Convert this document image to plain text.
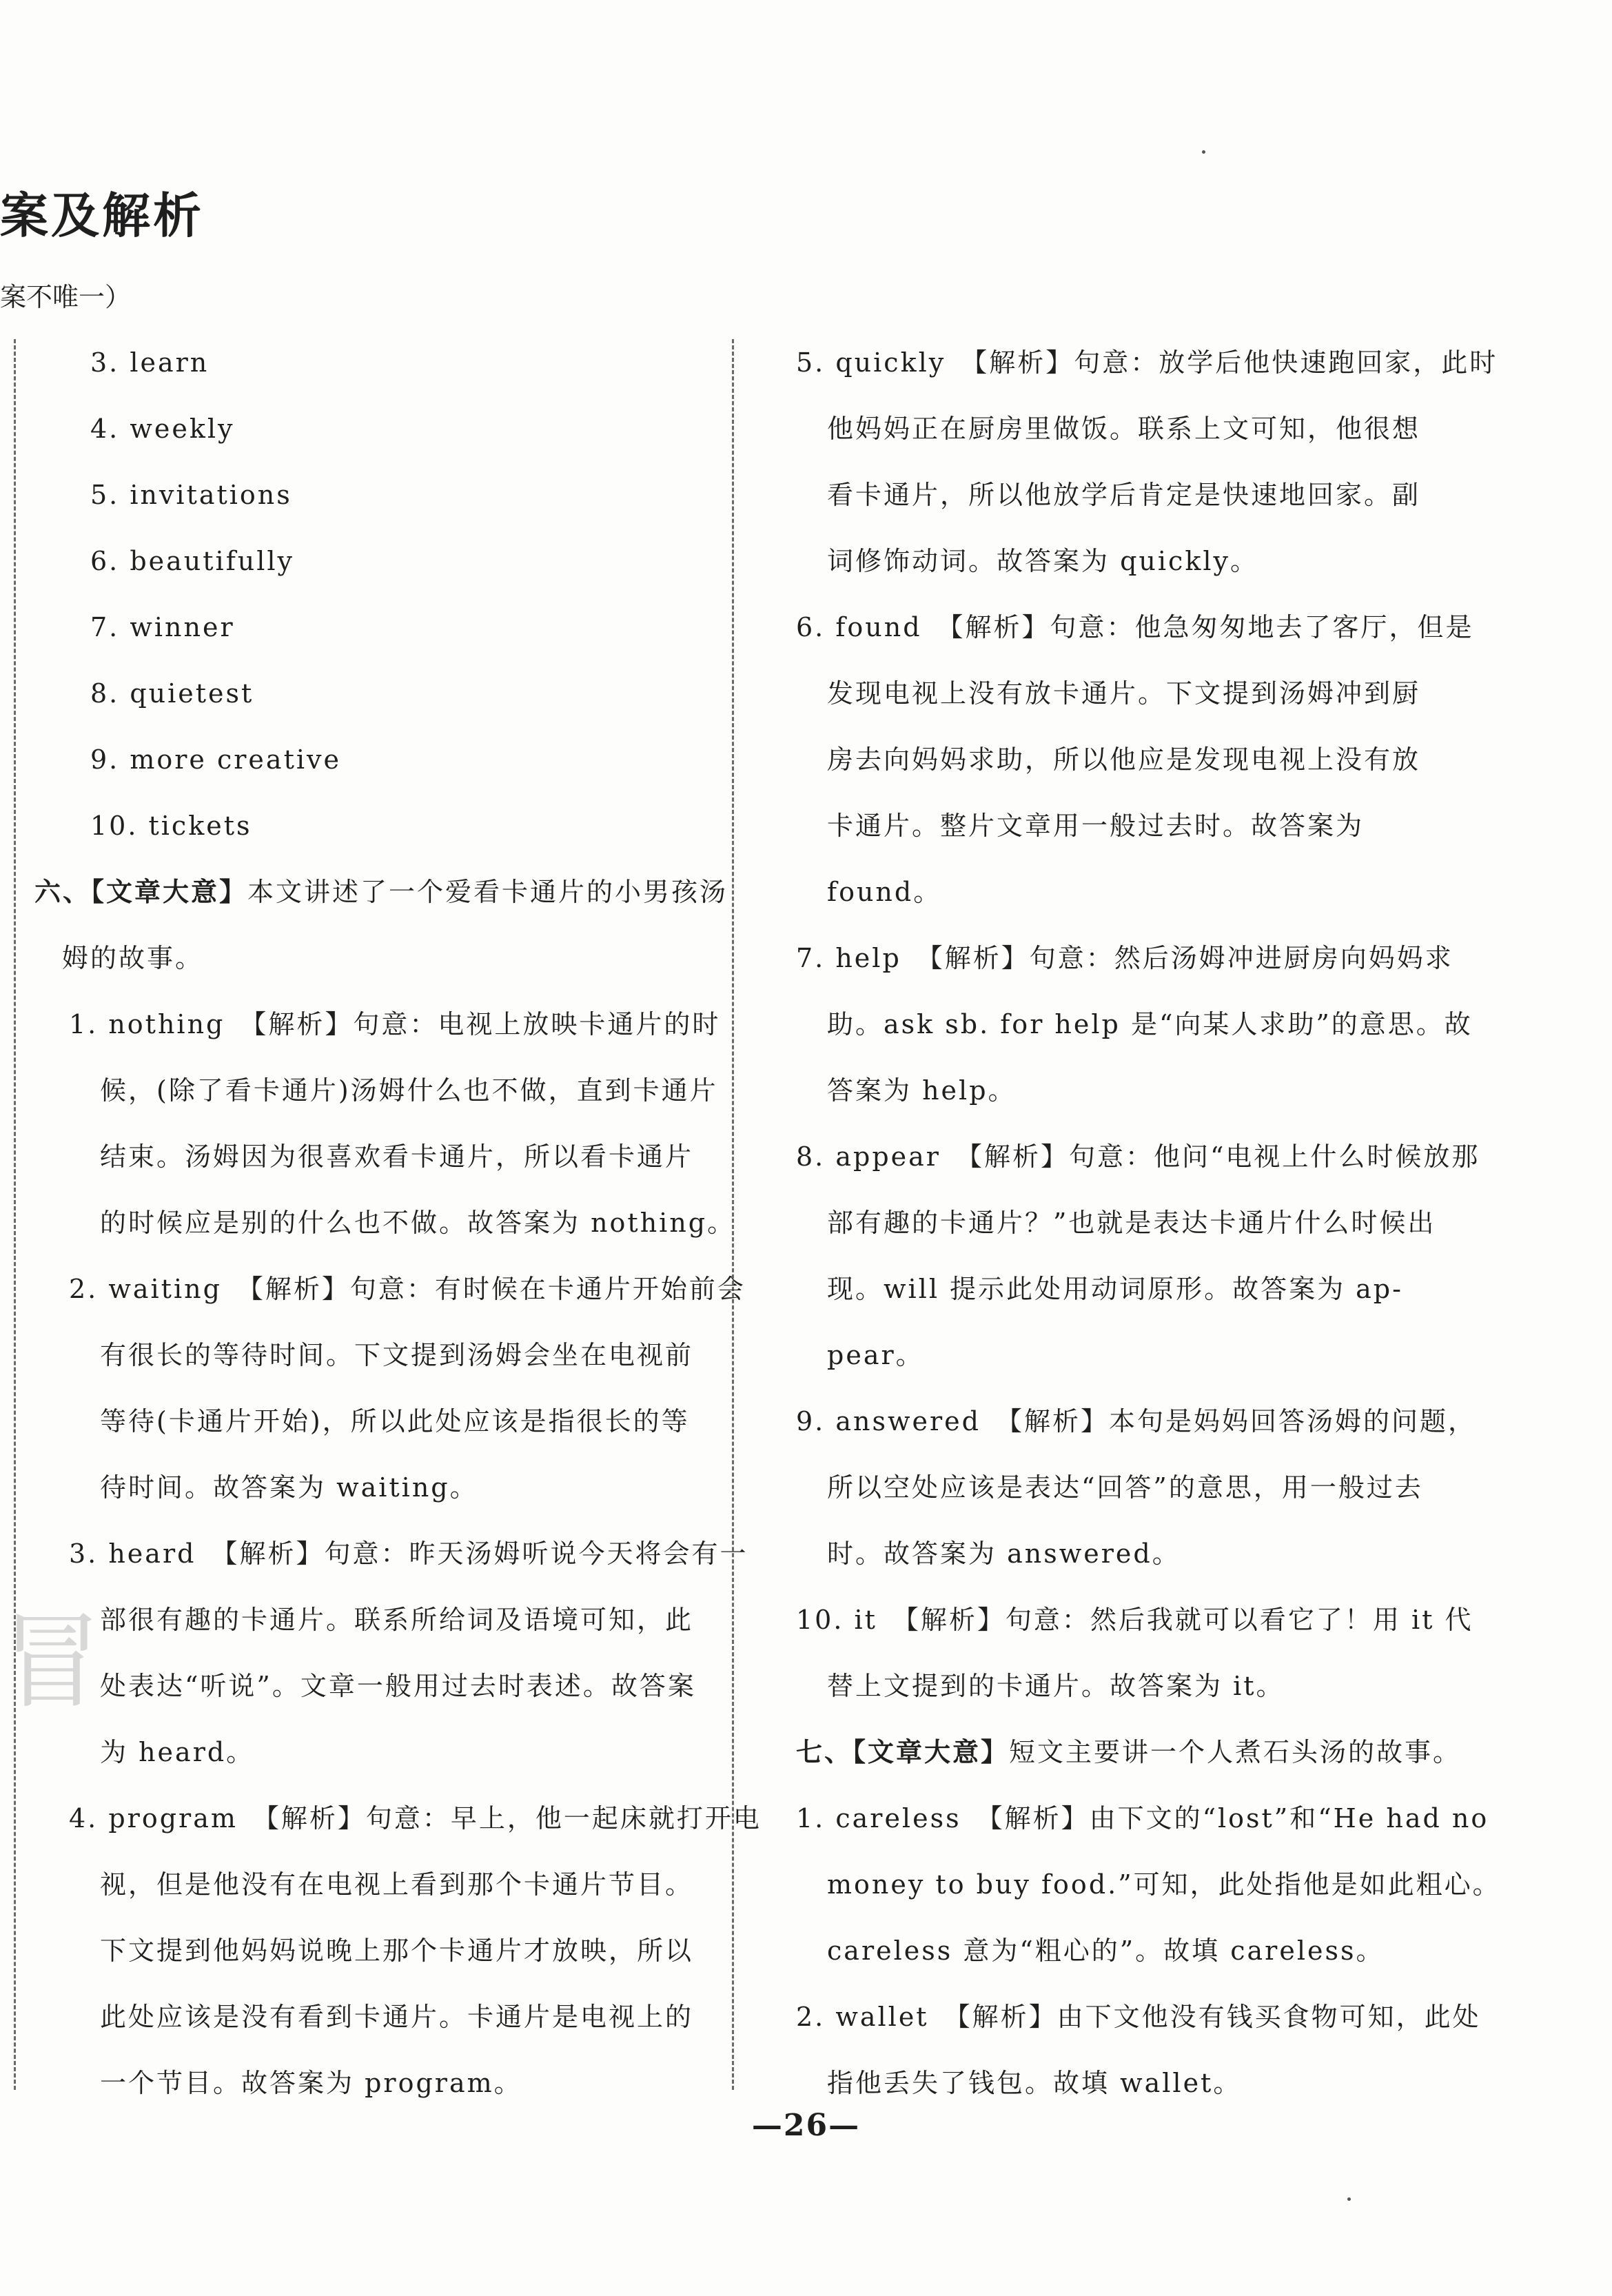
案及解析
案不唯一）
　3. learn
　4. weekly
　5. invitations
　6. beautifully
　7. winner
　8. quietest
　9. more creative
　10. tickets
六、【文章大意】本文讲述了一个爱看卡通片的小男孩汤
姆的故事。
1. nothing　【解析】句意：电视上放映卡通片的时
候，(除了看卡通片)汤姆什么也不做，直到卡通片
结束。汤姆因为很喜欢看卡通片，所以看卡通片
的时候应是别的什么也不做。故答案为 nothing。
2. waiting　【解析】句意：有时候在卡通片开始前会
有很长的等待时间。下文提到汤姆会坐在电视前
等待(卡通片开始)，所以此处应该是指很长的等
待时间。故答案为 waiting。
3. heard　【解析】句意：昨天汤姆听说今天将会有一
部很有趣的卡通片。联系所给词及语境可知，此
处表达“听说”。文章一般用过去时表述。故答案
为 heard。
4. program　【解析】句意：早上，他一起床就打开电
视，但是他没有在电视上看到那个卡通片节目。
下文提到他妈妈说晚上那个卡通片才放映，所以
此处应该是没有看到卡通片。卡通片是电视上的
一个节目。故答案为 program。
5. quickly　【解析】句意：放学后他快速跑回家，此时
他妈妈正在厨房里做饭。联系上文可知，他很想
看卡通片，所以他放学后肯定是快速地回家。副
词修饰动词。故答案为 quickly。
6. found　【解析】句意：他急匆匆地去了客厅，但是
发现电视上没有放卡通片。下文提到汤姆冲到厨
房去向妈妈求助，所以他应是发现电视上没有放
卡通片。整片文章用一般过去时。故答案为
found。
7. help　【解析】句意：然后汤姆冲进厨房向妈妈求
助。ask sb. for help 是“向某人求助”的意思。故
答案为 help。
8. appear　【解析】句意：他问“电视上什么时候放那
部有趣的卡通片？”也就是表达卡通片什么时候出
现。will 提示此处用动词原形。故答案为 ap-
pear。
9. answered　【解析】本句是妈妈回答汤姆的问题，
所以空处应该是表达“回答”的意思，用一般过去
时。故答案为 answered。
10. it　【解析】句意：然后我就可以看它了！用 it 代
替上文提到的卡通片。故答案为 it。
七、【文章大意】短文主要讲一个人煮石头汤的故事。
1. careless　【解析】由下文的“lost”和“He had no
money to buy food.”可知，此处指他是如此粗心。
careless 意为“粗心的”。故填 careless。
2. wallet　【解析】由下文他没有钱买食物可知，此处
指他丢失了钱包。故填 wallet。
冒
—26—
